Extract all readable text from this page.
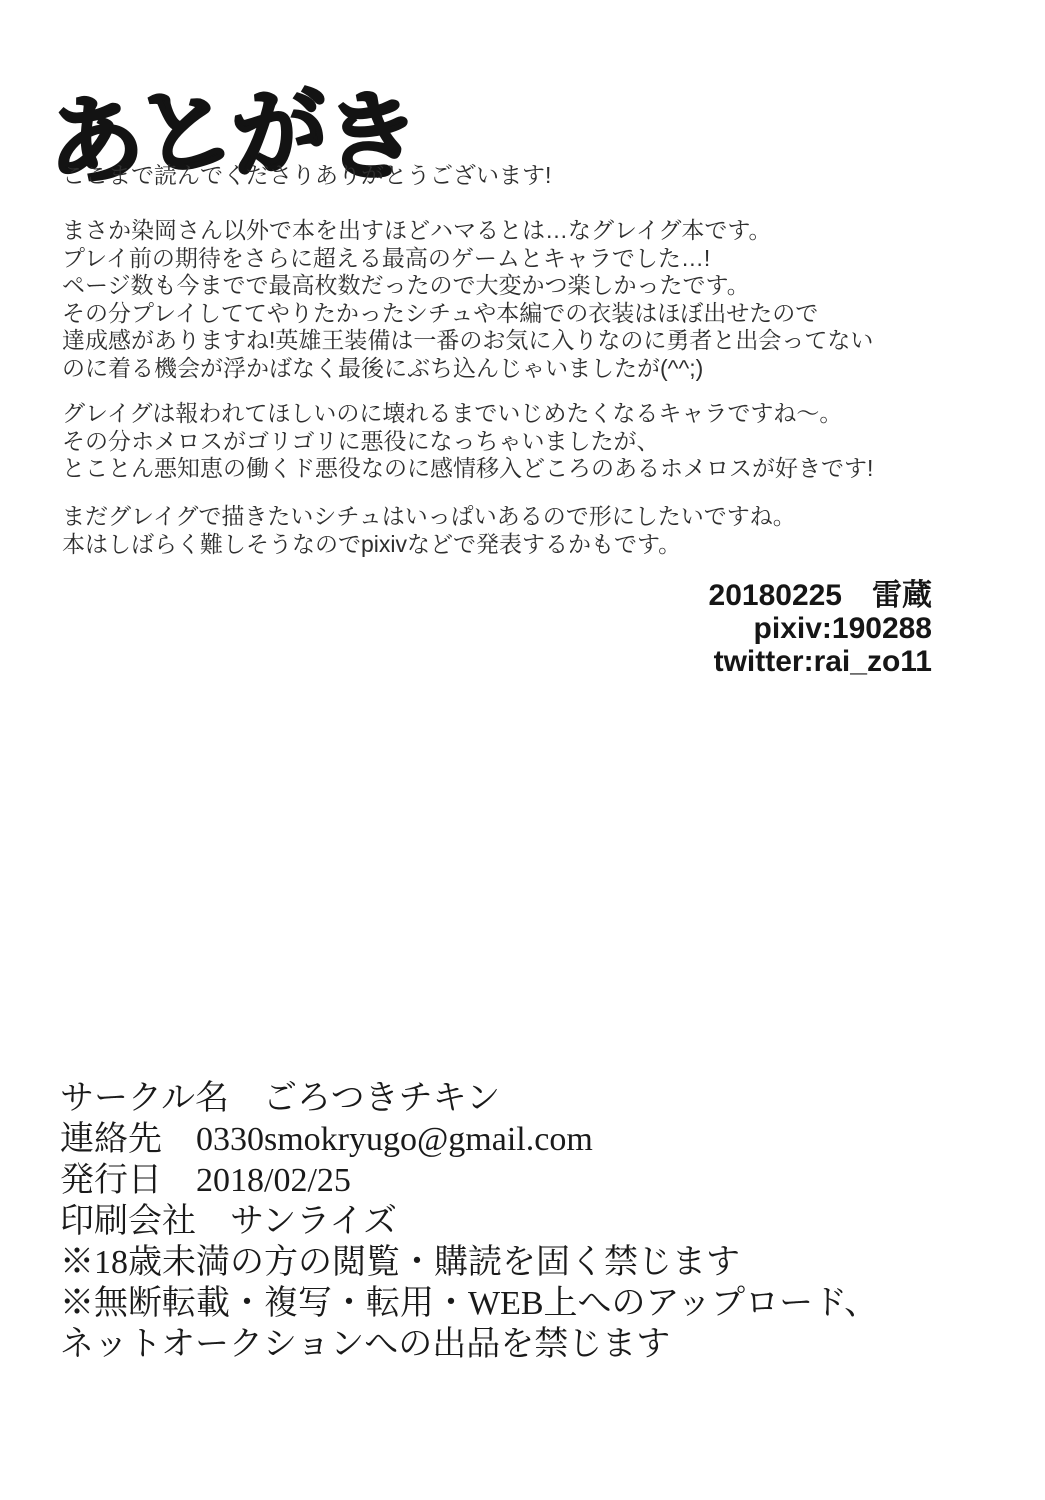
あとがき
ここまで読んでくださりありがとうございます!
まさか染岡さん以外で本を出すほどハマるとは…なグレイグ本です。
プレイ前の期待をさらに超える最高のゲームとキャラでした…!
ページ数も今までで最高枚数だったので大変かつ楽しかったです。
その分プレイしててやりたかったシチュや本編での衣装はほぼ出せたので
達成感がありますね!英雄王装備は一番のお気に入りなのに勇者と出会ってない
のに着る機会が浮かばなく最後にぶち込んじゃいましたが(^^;)
グレイグは報われてほしいのに壊れるまでいじめたくなるキャラですね〜。
その分ホメロスがゴリゴリに悪役になっちゃいましたが、
とことん悪知恵の働くド悪役なのに感情移入どころのあるホメロスが好きです!
まだグレイグで描きたいシチュはいっぱいあるので形にしたいですね。
本はしばらく難しそうなのでpixivなどで発表するかもです。
20180225　雷蔵
pixiv:190288
twitter:rai_zo11
サークル名　ごろつきチキン
連絡先　0330smokryugo@gmail.com
発行日　2018/02/25
印刷会社　サンライズ
※18歳未満の方の閲覧・購読を固く禁じます
※無断転載・複写・転用・WEB上へのアップロード、
ネットオークションへの出品を禁じます
